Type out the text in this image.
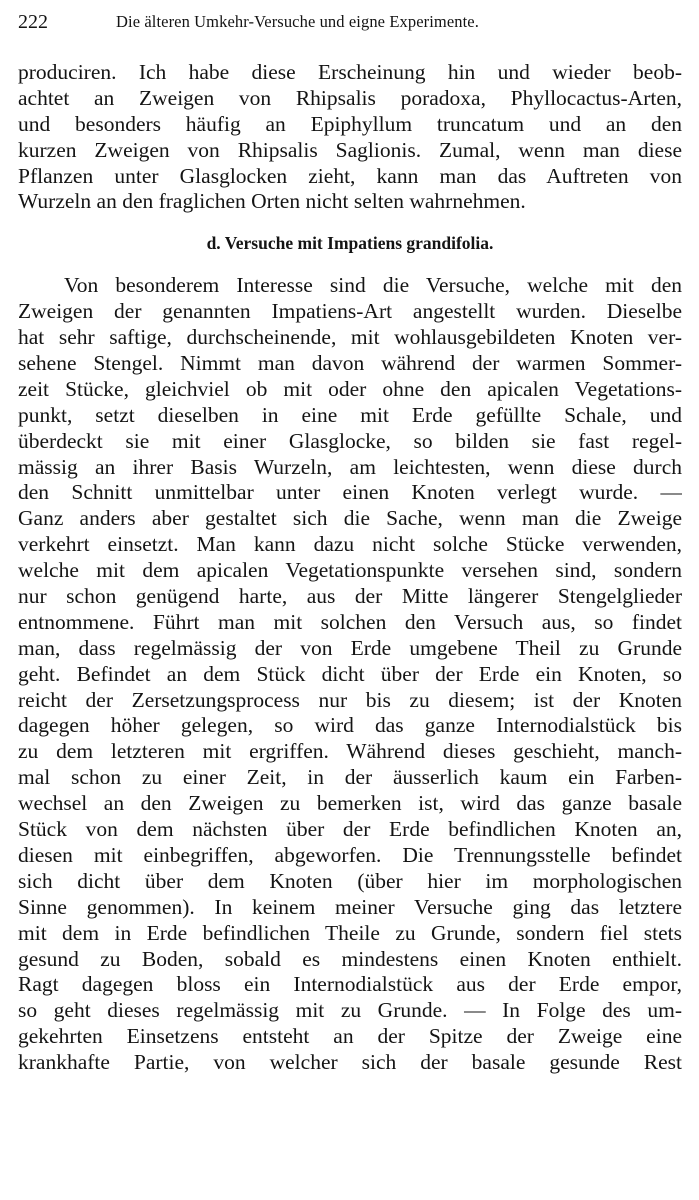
222	Die älteren Umkehr-Versuche und eigne Experimente.
produciren. Ich habe diese Erscheinung hin und wieder beob-
achtet an Zweigen von Rhipsalis poradoxa, Phyllocactus-Arten,
und besonders häufig an Epiphyllum truncatum und an den
kurzen Zweigen von Rhipsalis Saglionis. Zumal, wenn man diese
Pflanzen unter Glasglocken zieht, kann man das Auftreten von
Wurzeln an den fraglichen Orten nicht selten wahrnehmen.
d. Versuche mit Impatiens grandifolia.
Von besonderem Interesse sind die Versuche, welche mit den
Zweigen der genannten Impatiens-Art angestellt wurden. Dieselbe
hat sehr saftige, durchscheinende, mit wohlausgebildeten Knoten ver-
sehene Stengel. Nimmt man davon während der warmen Sommer-
zeit Stücke, gleichviel ob mit oder ohne den apicalen Vegetations-
punkt, setzt dieselben in eine mit Erde gefüllte Schale, und
überdeckt sie mit einer Glasglocke, so bilden sie fast regel-
mässig an ihrer Basis Wurzeln, am leichtesten, wenn diese durch
den Schnitt unmittelbar unter einen Knoten verlegt wurde. —
Ganz anders aber gestaltet sich die Sache, wenn man die Zweige
verkehrt einsetzt. Man kann dazu nicht solche Stücke verwenden,
welche mit dem apicalen Vegetationspunkte versehen sind, sondern
nur schon genügend harte, aus der Mitte längerer Stengelglieder
entnommene. Führt man mit solchen den Versuch aus, so findet
man, dass regelmässig der von Erde umgebene Theil zu Grunde
geht. Befindet an dem Stück dicht über der Erde ein Knoten, so
reicht der Zersetzungsprocess nur bis zu diesem; ist der Knoten
dagegen höher gelegen, so wird das ganze Internodialstück bis
zu dem letzteren mit ergriffen. Während dieses geschieht, manch-
mal schon zu einer Zeit, in der äusserlich kaum ein Farben-
wechsel an den Zweigen zu bemerken ist, wird das ganze basale
Stück von dem nächsten über der Erde befindlichen Knoten an,
diesen mit einbegriffen, abgeworfen. Die Trennungsstelle befindet
sich dicht über dem Knoten (über hier im morphologischen
Sinne genommen). In keinem meiner Versuche ging das letztere
mit dem in Erde befindlichen Theile zu Grunde, sondern fiel stets
gesund zu Boden, sobald es mindestens einen Knoten enthielt.
Ragt dagegen bloss ein Internodialstück aus der Erde empor,
so geht dieses regelmässig mit zu Grunde. — In Folge des um-
gekehrten Einsetzens entsteht an der Spitze der Zweige eine
krankhafte Partie, von welcher sich der basale gesunde Rest
